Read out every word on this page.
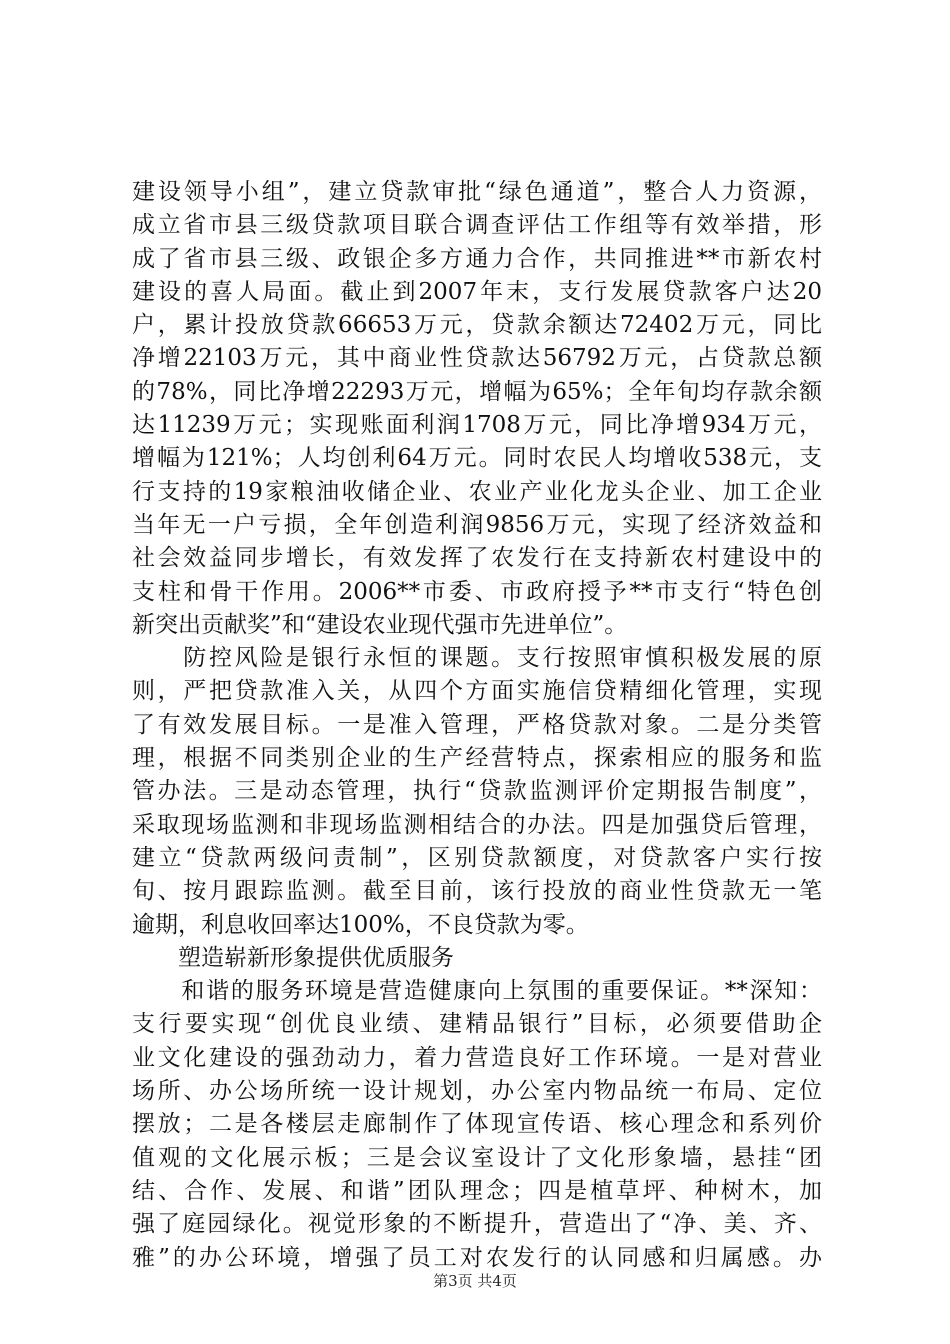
建设领导小组”，建立贷款审批“绿色通道”，整合人力资源，
成立省市县三级贷款项目联合调查评估工作组等有效举措，形
成了省市县三级、政银企多方通力合作，共同推进**市新农村
建设的喜人局面。截止到2007年末，支行发展贷款客户达20
户，累计投放贷款66653万元，贷款余额达72402万元，同比
净增22103万元，其中商业性贷款达56792万元，占贷款总额
的78%，同比净增22293万元，增幅为65%；全年旬均存款余额
达11239万元；实现账面利润1708万元，同比净增934万元，
增幅为121%；人均创利64万元。同时农民人均增收538元，支
行支持的19家粮油收储企业、农业产业化龙头企业、加工企业
当年无一户亏损，全年创造利润9856万元，实现了经济效益和
社会效益同步增长，有效发挥了农发行在支持新农村建设中的
支柱和骨干作用。2006**市委、市政府授予**市支行“特色创
新突出贡献奖”和“建设农业现代强市先进单位”。
　　防控风险是银行永恒的课题。支行按照审慎积极发展的原
则，严把贷款准入关，从四个方面实施信贷精细化管理，实现
了有效发展目标。一是准入管理，严格贷款对象。二是分类管
理，根据不同类别企业的生产经营特点，探索相应的服务和监
管办法。三是动态管理，执行“贷款监测评价定期报告制度”，
采取现场监测和非现场监测相结合的办法。四是加强贷后管理，
建立“贷款两级问责制”，区别贷款额度，对贷款客户实行按
旬、按月跟踪监测。截至目前，该行投放的商业性贷款无一笔
逾期，利息收回率达100%，不良贷款为零。
塑造崭新形象提供优质服务
　　和谐的服务环境是营造健康向上氛围的重要保证。**深知：
支行要实现“创优良业绩、建精品银行”目标，必须要借助企
业文化建设的强劲动力，着力营造良好工作环境。一是对营业
场所、办公场所统一设计规划，办公室内物品统一布局、定位
摆放；二是各楼层走廊制作了体现宣传语、核心理念和系列价
值观的文化展示板；三是会议室设计了文化形象墙，悬挂“团
结、合作、发展、和谐”团队理念；四是植草坪、种树木，加
强了庭园绿化。视觉形象的不断提升，营造出了“净、美、齐、
雅”的办公环境，增强了员工对农发行的认同感和归属感。办
第3页 共4页
